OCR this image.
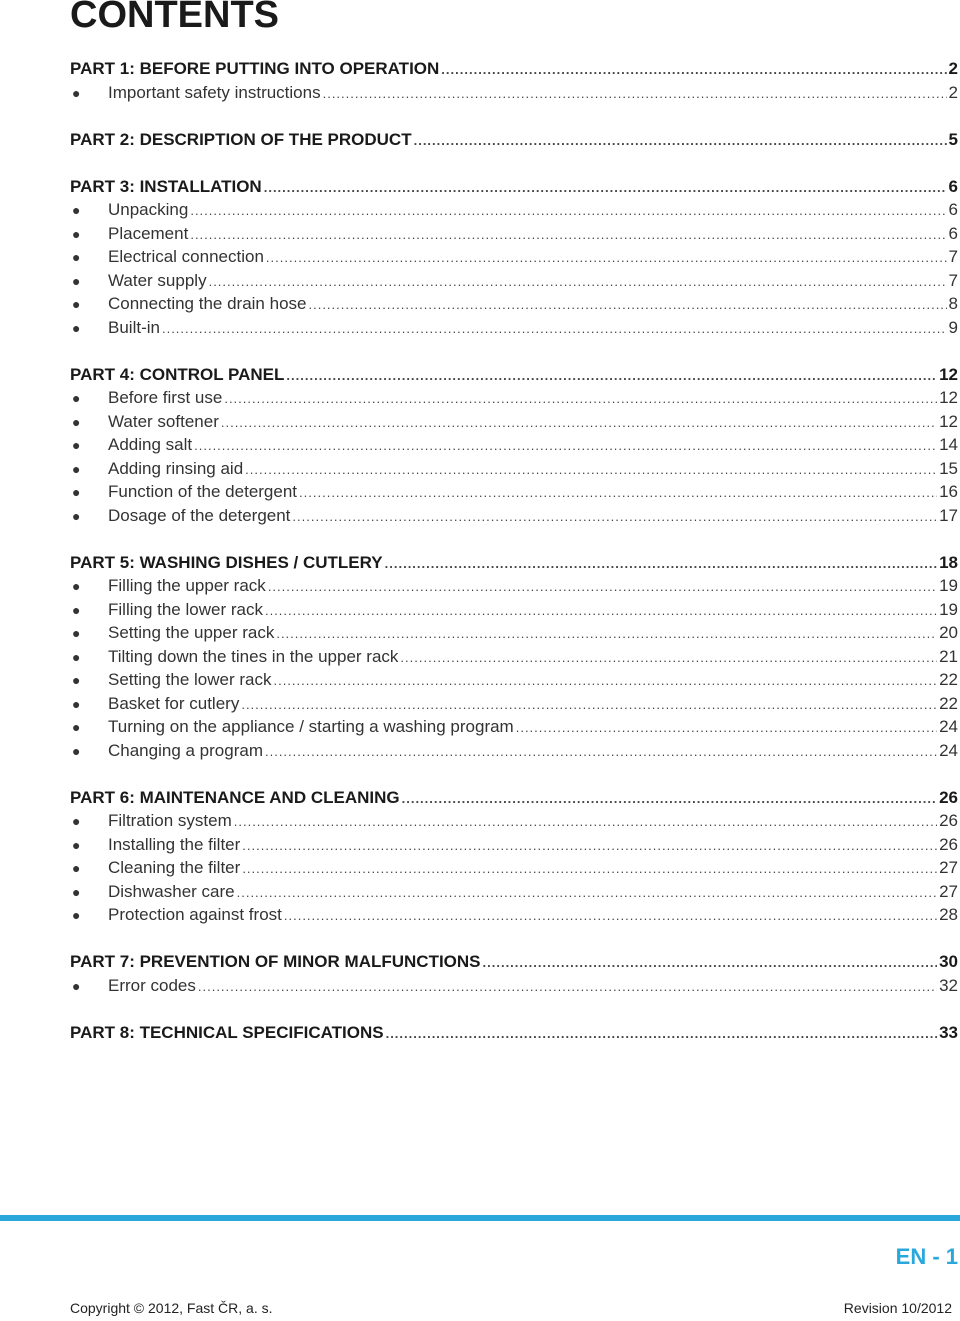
CONTENTS
PART 1: BEFORE PUTTING INTO OPERATION .....	2
●	Important safety instructions .....	2
PART 2: DESCRIPTION OF THE PRODUCT .....	5
PART 3: INSTALLATION .....	6
●	Unpacking .....	6
●	Placement .....	6
●	Electrical connection .....	7
●	Water supply .....	7
●	Connecting the drain hose .....	8
●	Built-in .....	9
PART 4: CONTROL PANEL .....	12
●	Before first use .....	12
●	Water softener .....	12
●	Adding salt .....	14
●	Adding rinsing aid .....	15
●	Function of the detergent .....	16
●	Dosage of the detergent .....	17
PART 5: WASHING DISHES / CUTLERY .....	18
●	Filling the upper rack .....	19
●	Filling the lower rack .....	19
●	Setting the upper rack .....	20
●	Tilting down the tines in the upper rack .....	21
●	Setting the lower rack .....	22
●	Basket for cutlery .....	22
●	Turning on the appliance / starting a washing program .....	24
●	Changing a program .....	24
PART 6: MAINTENANCE AND CLEANING .....	26
●	Filtration system .....	26
●	Installing the filter .....	26
●	Cleaning the filter .....	27
●	Dishwasher care .....	27
●	Protection against frost .....	28
PART 7: PREVENTION OF MINOR MALFUNCTIONS .....	30
●	Error codes .....	32
PART 8: TECHNICAL SPECIFICATIONS .....	33
EN - 1
Copyright © 2012, Fast ČR, a. s.	Revision 10/2012
